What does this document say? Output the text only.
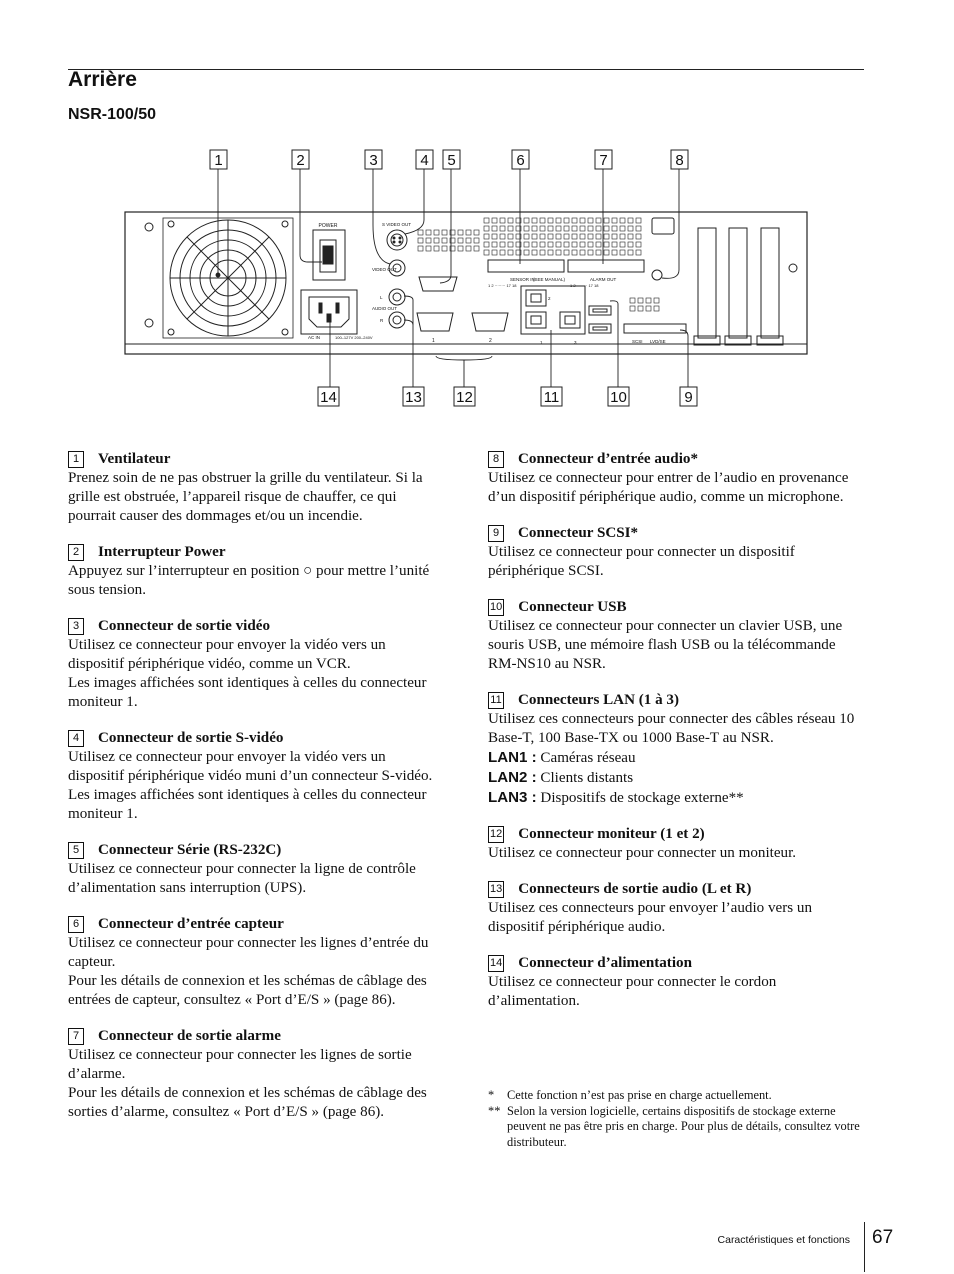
Arrière
NSR-100/50
1	2	3	4 5	6	7	8
14	13 12	11	10	9
POWER
AC IN	100–127V 200–240V
S VIDEO OUT
VIDEO OUT
AUDIO OUT
L
R
1	2
SENSOR IN
(SEE MANUAL)
1 2 ········ 17 18
ALARM OUT
1 2 ········ 17 18
2
1	3	SCSI LVD/SE
1 Ventilateur
Prenez soin de ne pas obstruer la grille du ventilateur. Si la grille est obstruée, l’appareil risque de chauffer, ce qui pourrait causer des dommages et/ou un incendie.
2 Interrupteur Power
Appuyez sur l’interrupteur en position ○ pour mettre l’unité sous tension.
3 Connecteur de sortie vidéo
Utilisez ce connecteur pour envoyer la vidéo vers un dispositif périphérique vidéo, comme un VCR.
Les images affichées sont identiques à celles du connecteur moniteur 1.
4 Connecteur de sortie S-vidéo
Utilisez ce connecteur pour envoyer la vidéo vers un dispositif périphérique vidéo muni d’un connecteur S-vidéo.
Les images affichées sont identiques à celles du connecteur moniteur 1.
5 Connecteur Série (RS-232C)
Utilisez ce connecteur pour connecter la ligne de contrôle d’alimentation sans interruption (UPS).
6 Connecteur d’entrée capteur
Utilisez ce connecteur pour connecter les lignes d’entrée du capteur.
Pour les détails de connexion et les schémas de câblage des entrées de capteur, consultez « Port d’E/S » (page 86).
7 Connecteur de sortie alarme
Utilisez ce connecteur pour connecter les lignes de sortie d’alarme.
Pour les détails de connexion et les schémas de câblage des sorties d’alarme, consultez « Port d’E/S » (page 86).
8 Connecteur d’entrée audio*
Utilisez ce connecteur pour entrer de l’audio en provenance d’un dispositif périphérique audio, comme un microphone.
9 Connecteur SCSI*
Utilisez ce connecteur pour connecter un dispositif périphérique SCSI.
10 Connecteur USB
Utilisez ce connecteur pour connecter un clavier USB, une souris USB, une mémoire flash USB ou la télécommande RM-NS10 au NSR.
11 Connecteurs LAN (1 à 3)
Utilisez ces connecteurs pour connecter des câbles réseau 10 Base-T, 100 Base-TX ou 1000 Base-T au NSR.
LAN1 : Caméras réseau
LAN2 : Clients distants
LAN3 : Dispositifs de stockage externe**
12 Connecteur moniteur (1 et 2)
Utilisez ce connecteur pour connecter un moniteur.
13 Connecteurs de sortie audio (L et R)
Utilisez ces connecteurs pour envoyer l’audio vers un dispositif périphérique audio.
14 Connecteur d’alimentation
Utilisez ce connecteur pour connecter le cordon d’alimentation.
*	Cette fonction n’est pas prise en charge actuellement.
** Selon la version logicielle, certains dispositifs de stockage externe peuvent ne pas être pris en charge. Pour plus de détails, consultez votre distributeur.
Caractéristiques et fonctions 67
